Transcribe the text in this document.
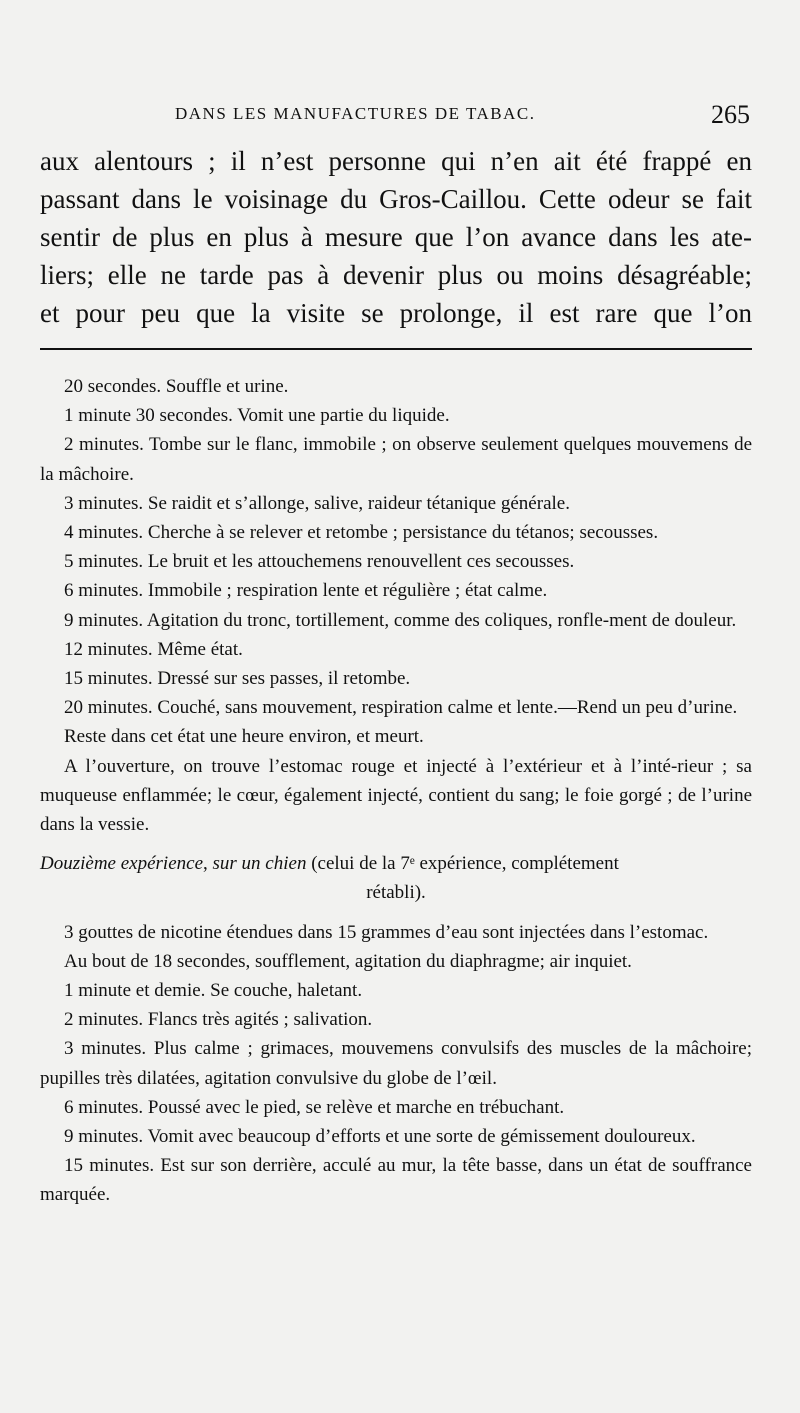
DANS LES MANUFACTURES DE TABAC.	265
aux alentours ; il n’est personne qui n’en ait été frappé en
passant dans le voisinage du Gros-Caillou. Cette odeur se fait
sentir de plus en plus à mesure que l’on avance dans les ate-
liers; elle ne tarde pas à devenir plus ou moins désagréable;
et pour peu que la visite se prolonge, il est rare que l’on

20 secondes. Souffle et urine.

1 minute 30 secondes. Vomit une partie du liquide.

2 minutes. Tombe sur le flanc, immobile ; on observe seulement quelques mouvemens de la mâchoire.

3 minutes. Se raidit et s’allonge, salive, raideur tétanique générale.

4 minutes. Cherche à se relever et retombe ; persistance du tétanos; secousses.

5 minutes. Le bruit et les attouchemens renouvellent ces secousses.

6 minutes. Immobile ; respiration lente et régulière ; état calme.

9 minutes. Agitation du tronc, tortillement, comme des coliques, ronfle-ment de douleur.

12 minutes. Même état.

15 minutes. Dressé sur ses passes, il retombe.

20 minutes. Couché, sans mouvement, respiration calme et lente.—Rend un peu d’urine.

Reste dans cet état une heure environ, et meurt.

A l’ouverture, on trouve l’estomac rouge et injecté à l’extérieur et à l’inté-rieur ; sa muqueuse enflammée; le cœur, également injecté, contient du sang; le foie gorgé ; de l’urine dans la vessie.

Douzième expérience, sur un chien (celui de la 7ᵉ expérience, complétement

rétabli).

3 gouttes de nicotine étendues dans 15 grammes d’eau sont injectées dans l’estomac.

Au bout de 18 secondes, soufflement, agitation du diaphragme; air inquiet.

1 minute et demie. Se couche, haletant.

2 minutes. Flancs très agités ; salivation.

3 minutes. Plus calme ; grimaces, mouvemens convulsifs des muscles de la mâchoire; pupilles très dilatées, agitation convulsive du globe de l’œil.

6 minutes. Poussé avec le pied, se relève et marche en trébuchant.

9 minutes. Vomit avec beaucoup d’efforts et une sorte de gémissement douloureux.

15 minutes. Est sur son derrière, acculé au mur, la tête basse, dans un état de souffrance marquée.
